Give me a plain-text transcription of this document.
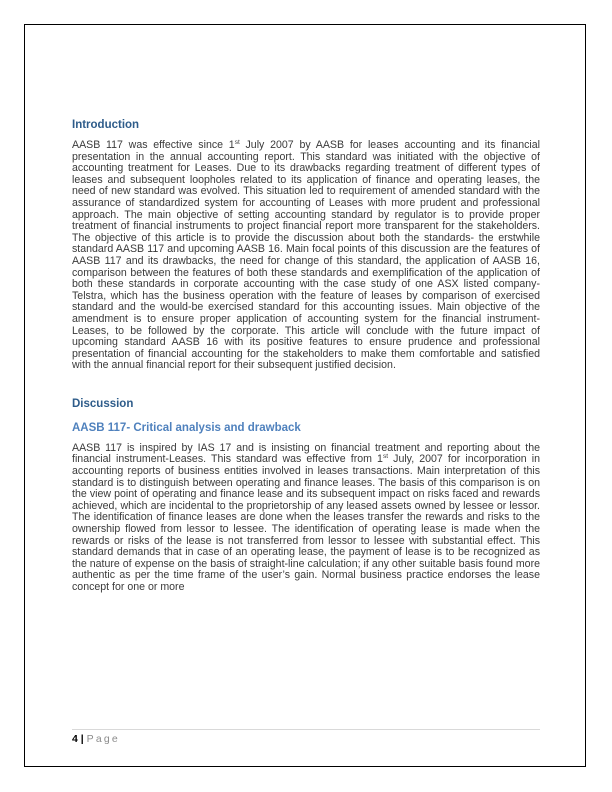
Introduction

AASB 117 was effective since 1st July 2007 by AASB for leases accounting and its financial presentation in the annual accounting report. This standard was initiated with the objective of accounting treatment for Leases. Due to its drawbacks regarding treatment of different types of leases and subsequent loopholes related to its application of finance and operating leases, the need of new standard was evolved. This situation led to requirement of amended standard with the assurance of standardized system for accounting of Leases with more prudent and professional approach. The main objective of setting accounting standard by regulator is to provide proper treatment of financial instruments to project financial report more transparent for the stakeholders. The objective of this article is to provide the discussion about both the standards- the erstwhile standard AASB 117 and upcoming AASB 16. Main focal points of this discussion are the features of AASB 117 and its drawbacks, the need for change of this standard, the application of AASB 16, comparison between the features of both these standards and exemplification of the application of both these standards in corporate accounting with the case study of one ASX listed company- Telstra, which has the business operation with the feature of leases by comparison of exercised standard and the would-be exercised standard for this accounting issues. Main objective of the amendment is to ensure proper application of accounting system for the financial instrument- Leases, to be followed by the corporate. This article will conclude with the future impact of upcoming standard AASB 16 with its positive features to ensure prudence and professional presentation of financial accounting for the stakeholders to make them comfortable and satisfied with the annual financial report for their subsequent justified decision.

Discussion
AASB 117- Critical analysis and drawback

AASB 117 is inspired by IAS 17 and is insisting on financial treatment and reporting about the financial instrument-Leases. This standard was effective from 1st July, 2007 for incorporation in accounting reports of business entities involved in leases transactions. Main interpretation of this standard is to distinguish between operating and finance leases. The basis of this comparison is on the view point of operating and finance lease and its subsequent impact on risks faced and rewards achieved, which are incidental to the proprietorship of any leased assets owned by lessee or lessor. The identification of finance leases are done when the leases transfer the rewards and risks to the ownership flowed from lessor to lessee. The identification of operating lease is made when the rewards or risks of the lease is not transferred from lessor to lessee with substantial effect. This standard demands that in case of an operating lease, the payment of lease is to be recognized as the nature of expense on the basis of straight-line calculation; if any other suitable basis found more authentic as per the time frame of the user’s gain. Normal business practice endorses the lease concept for one or more

4 | Page
